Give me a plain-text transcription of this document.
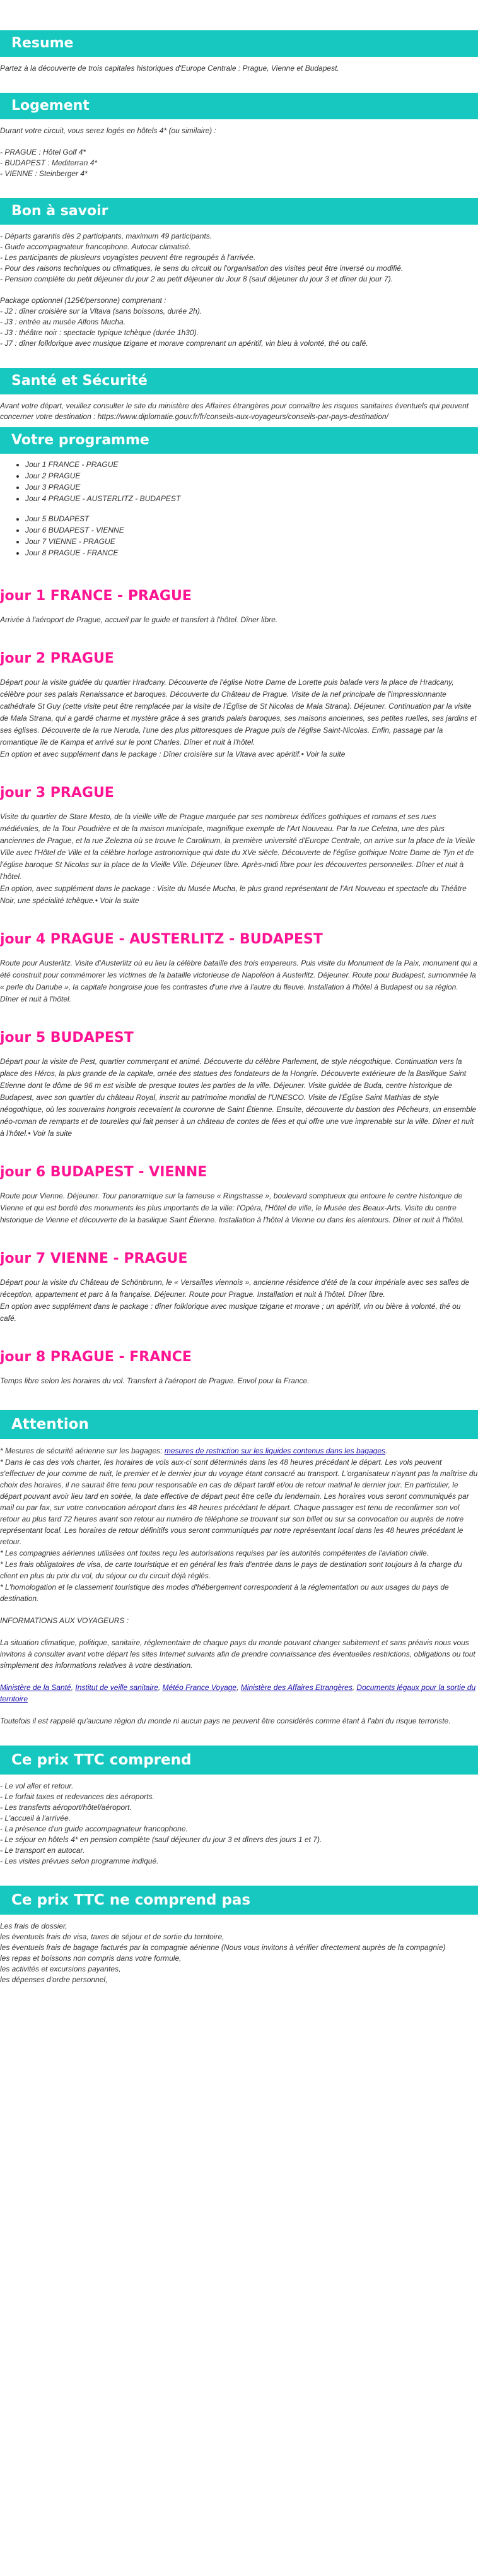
Resume

Partez à la découverte de trois capitales historiques d'Europe Centrale : Prague, Vienne et Budapest.

Logement

Durant votre circuit, vous serez logés en hôtels 4* (ou similaire) :

- PRAGUE : Hôtel Golf 4*

- BUDAPEST : Mediterran 4*

- VIENNE : Steinberger 4*

Bon à savoir

- Départs garantis dès 2 participants, maximum 49 participants.

- Guide accompagnateur francophone. Autocar climatisé.

- Les participants de plusieurs voyagistes peuvent être regroupés à l'arrivée.

- Pour des raisons techniques ou climatiques, le sens du circuit ou l'organisation des visites peut être inversé ou modifié.

- Pension complète du petit déjeuner du jour 2 au petit déjeuner du Jour 8 (sauf déjeuner du jour 3 et dîner du jour 7).

Package optionnel (125€/personne) comprenant :

- J2 : dîner croisière sur la Vltava (sans boissons, durée 2h).

- J3 : entrée au musée Alfons Mucha.

- J3 : théâtre noir : spectacle typique tchèque (durée 1h30).

- J7 : dîner folklorique avec musique tzigane et morave comprenant un apéritif, vin bleu à volonté, thé ou café.

Santé et Sécurité

Avant votre départ, veuillez consulter le site du ministère des Affaires étrangères pour connaître les risques sanitaires éventuels qui peuvent concerner votre destination : https://www.diplomatie.gouv.fr/fr/conseils-aux-voyageurs/conseils-par-pays-destination/

Votre programme
• Jour 1 FRANCE - PRAGUE
• Jour 2 PRAGUE
• Jour 3 PRAGUE
• Jour 4 PRAGUE - AUSTERLITZ - BUDAPEST
• Jour 5 BUDAPEST
• Jour 6 BUDAPEST - VIENNE
• Jour 7 VIENNE - PRAGUE
• Jour 8 PRAGUE - FRANCE
jour 1 FRANCE - PRAGUE
Arrivée à l'aéroport de Prague, accueil par le guide et transfert à l'hôtel. Dîner libre.
jour 2 PRAGUE
Départ pour la visite guidée du quartier Hradcany. Découverte de l'église Notre Dame de Lorette puis balade vers la place de Hradcany, célèbre pour ses palais Renaissance et baroques. Découverte du Château de Prague. Visite de la nef principale de l'impressionnante cathédrale St Guy (cette visite peut être remplacée par la visite de l'Église de St Nicolas de Mala Strana). Déjeuner. Continuation par la visite de Mala Strana, qui a gardé charme et mystère grâce à ses grands palais baroques, ses maisons anciennes, ses petites ruelles, ses jardins et ses églises. Découverte de la rue Neruda, l'une des plus pittoresques de Prague puis de l'église Saint-Nicolas. Enfin, passage par la romantique île de Kampa et arrivé sur le pont Charles. Dîner et nuit à l'hôtel.
En option et avec supplément dans le package : Dîner croisière sur la Vltava avec apéritif.• Voir la suite
jour 3 PRAGUE
Visite du quartier de Stare Mesto, de la vieille ville de Prague marquée par ses nombreux édifices gothiques et romans et ses rues médiévales, de la Tour Poudrière et de la maison municipale, magnifique exemple de l'Art Nouveau. Par la rue Celetna, une des plus anciennes de Prague, et la rue Zelezna où se trouve le Carolinum, la première université d'Europe Centrale, on arrive sur la place de la Vieille Ville avec l'Hôtel de Ville et la célèbre horloge astronomique qui date du XVe siècle. Découverte de l'église gothique Notre Dame de Tyn et de l'église baroque St Nicolas sur la place de la Vieille Ville. Déjeuner libre. Après-midi libre pour les découvertes personnelles. Dîner et nuit à l'hôtel.
En option, avec supplément dans le package : Visite du Musée Mucha, le plus grand représentant de l'Art Nouveau et spectacle du Théâtre Noir, une spécialité tchèque.• Voir la suite
jour 4 PRAGUE - AUSTERLITZ - BUDAPEST
Route pour Austerlitz. Visite d'Austerlitz où eu lieu la célèbre bataille des trois empereurs. Puis visite du Monument de la Paix, monument qui a été construit pour commémorer les victimes de la bataille victorieuse de Napoléon à Austerlitz. Déjeuner. Route pour Budapest, surnommée la « perle du Danube », la capitale hongroise joue les contrastes d'une rive à l'autre du fleuve. Installation à l'hôtel à Budapest ou sa région. Dîner et nuit à l'hôtel.
jour 5 BUDAPEST
Départ pour la visite de Pest, quartier commerçant et animé. Découverte du célèbre Parlement, de style néogothique. Continuation vers la place des Héros, la plus grande de la capitale, ornée des statues des fondateurs de la Hongrie. Découverte extérieure de la Basilique Saint Etienne dont le dôme de 96 m est visible de presque toutes les parties de la ville. Déjeuner. Visite guidée de Buda, centre historique de Budapest, avec son quartier du château Royal, inscrit au patrimoine mondial de l'UNESCO. Visite de l'Église Saint Mathias de style néogothique, où les souverains hongrois recevaient la couronne de Saint Étienne. Ensuite, découverte du bastion des Pêcheurs, un ensemble néo-roman de remparts et de tourelles qui fait penser à un château de contes de fées et qui offre une vue imprenable sur la ville. Dîner et nuit à l'hôtel.• Voir la suite
jour 6 BUDAPEST - VIENNE
Route pour Vienne. Déjeuner. Tour panoramique sur la fameuse « Ringstrasse », boulevard somptueux qui entoure le centre historique de Vienne et qui est bordé des monuments les plus importants de la ville: l'Opéra, l'Hôtel de ville, le Musée des Beaux-Arts. Visite du centre historique de Vienne et découverte de la basilique Saint Étienne. Installation à l'hôtel à Vienne ou dans les alentours. Dîner et nuit à l'hôtel.
jour 7 VIENNE - PRAGUE
Départ pour la visite du Château de Schönbrunn, le « Versailles viennois », ancienne résidence d'été de la cour impériale avec ses salles de réception, appartement et parc à la française. Déjeuner. Route pour Prague. Installation et nuit à l'hôtel. Dîner libre.
En option avec supplément dans le package : dîner folklorique avec musique tzigane et morave ; un apéritif, vin ou bière à volonté, thé ou café.
jour 8 PRAGUE - FRANCE
Temps libre selon les horaires du vol. Transfert à l'aéroport de Prague. Envol pour la France.
Attention

* Mesures de sécurité aérienne sur les bagages: mesures de restriction sur les liquides contenus dans les bagages.

* Dans le cas des vols charter, les horaires de vols aux-ci sont déterminés dans les 48 heures précédant le départ. Les vols peuvent s'effectuer de jour comme de nuit, le premier et le dernier jour du voyage étant consacré au transport. L'organisateur n'ayant pas la maîtrise du choix des horaires, il ne saurait être tenu pour responsable en cas de départ tardif et/ou de retour matinal le dernier jour. En particulier, le départ pouvant avoir lieu tard en soirée, la date effective de départ peut être celle du lendemain. Les horaires vous seront communiqués par mail ou par fax, sur votre convocation aéroport dans les 48 heures précédant le départ. Chaque passager est tenu de reconfirmer son vol retour au plus tard 72 heures avant son retour au numéro de téléphone se trouvant sur son billet ou sur sa convocation ou auprès de notre représentant local. Les horaires de retour définitifs vous seront communiqués par notre représentant local dans les 48 heures précédant le retour.

* Les compagnies aériennes utilisées ont toutes reçu les autorisations requises par les autorités compétentes de l'aviation civile.

* Les frais obligatoires de visa, de carte touristique et en général les frais d'entrée dans le pays de destination sont toujours à la charge du client en plus du prix du vol, du séjour ou du circuit déjà réglés.

* L'homologation et le classement touristique des modes d'hébergement correspondent à la réglementation ou aux usages du pays de destination.

INFORMATIONS AUX VOYAGEURS :

La situation climatique, politique, sanitaire, réglementaire de chaque pays du monde pouvant changer subitement et sans préavis nous vous invitons à consulter avant votre départ les sites Internet suivants afin de prendre connaissance des éventuelles restrictions, obligations ou tout simplement des informations relatives à votre destination.

Ministère de la Santé, Institut de veille sanitaire, Météo France Voyage, Ministère des Affaires Etrangères, Documents légaux pour la sortie du territoire

Toutefois il est rappelé qu'aucune région du monde ni aucun pays ne peuvent être considérés comme étant à l'abri du risque terroriste.

Ce prix TTC comprend

- Le vol aller et retour.

- Le forfait taxes et redevances des aéroports.

- Les transferts aéroport/hôtel/aéroport.

- L'accueil à l'arrivée.

- La présence d'un guide accompagnateur francophone.

- Le séjour en hôtels 4* en pension complète (sauf déjeuner du jour 3 et dîners des jours 1 et 7).

- Le transport en autocar.

- Les visites prévues selon programme indiqué.

Ce prix TTC ne comprend pas

Les frais de dossier,

les éventuels frais de visa, taxes de séjour et de sortie du territoire,

les éventuels frais de bagage facturés par la compagnie aérienne (Nous vous invitons à vérifier directement auprès de la compagnie)

les repas et boissons non compris dans votre formule,

les activités et excursions payantes,

les dépenses d'ordre personnel,
